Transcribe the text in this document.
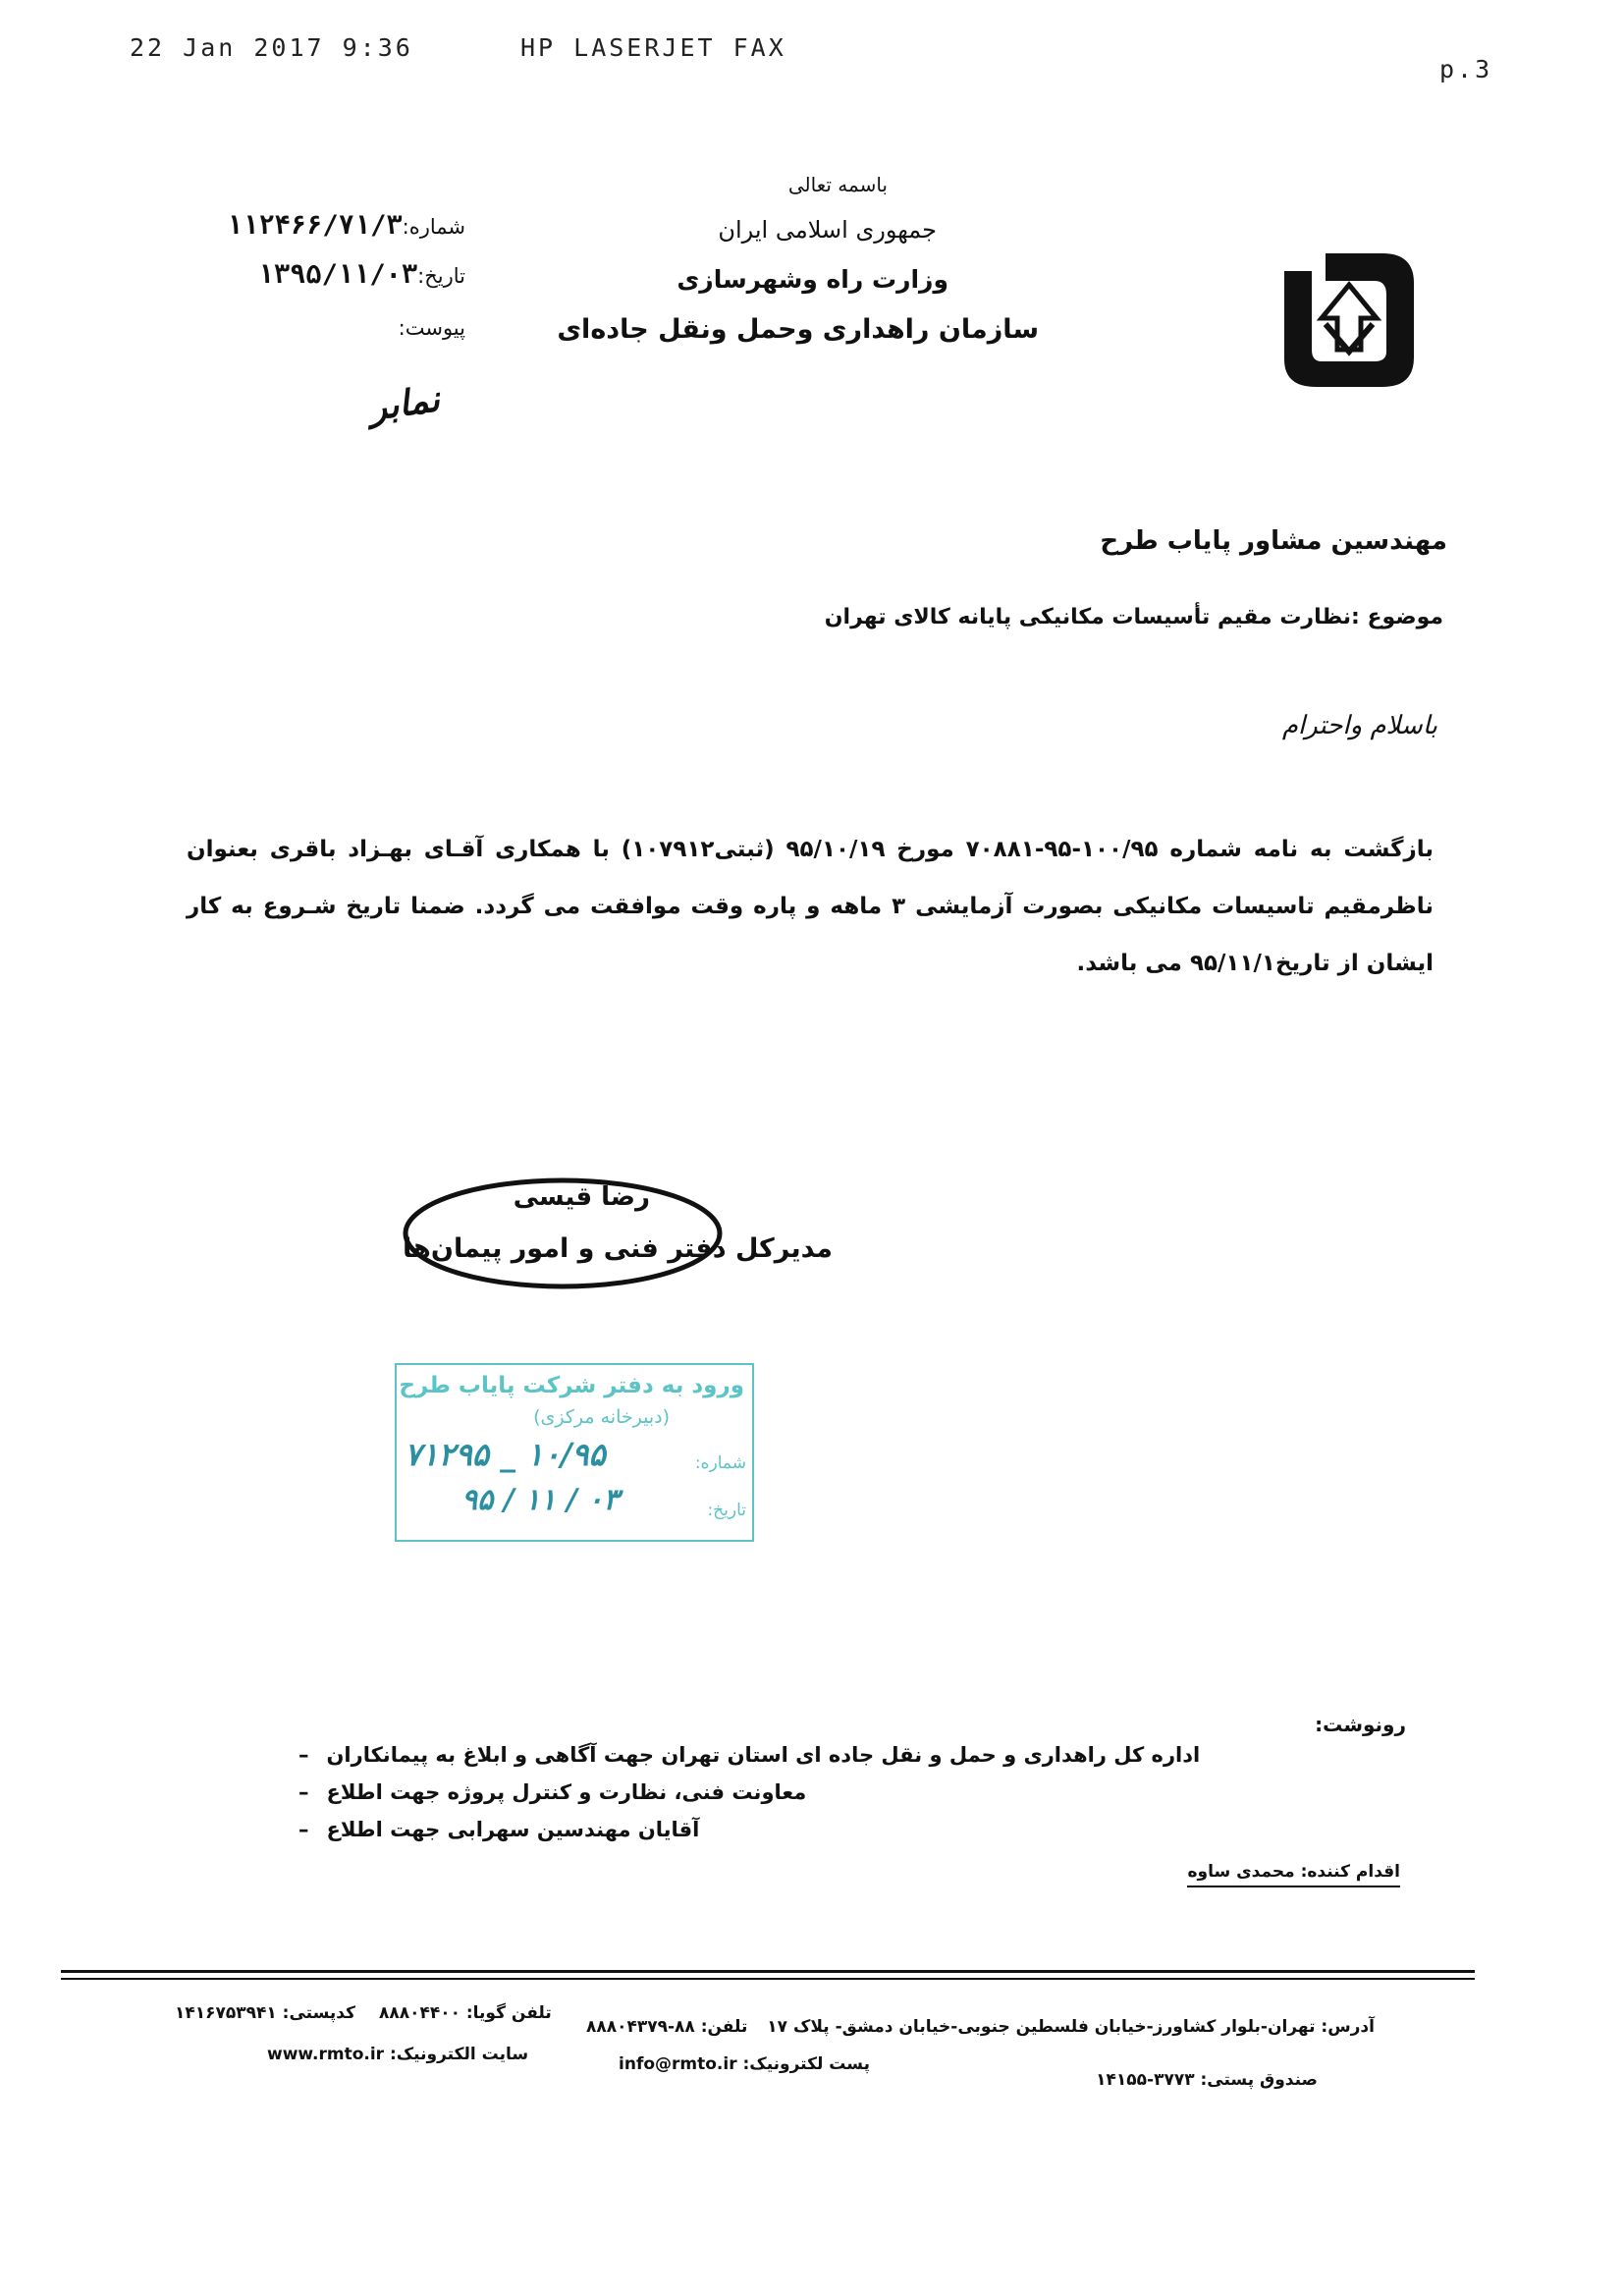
22 Jan 2017 9:36	HP LASERJET FAX
p.3
باسمه تعالی
جمهوری اسلامی ایران
وزارت راه وشهرسازی
سازمان راهداری وحمل ونقل جاده‌ای
شماره:۱۱۲۴۶۶/۷۱/۳
تاریخ:۱۳۹۵/۱۱/۰۳
پیوست:
نمابر
مهندسین مشاور پایاب طرح
موضوع :نظارت مقیم تأسیسات مکانیکی پایانه کالای تهران
باسلام واحترام
بازگشت به نامه شماره ۱۰۰/۹۵-۹۵-۷۰۸۸۱ مورخ ۹۵/۱۰/۱۹ (ثبتی۱۰۷۹۱۲) با همکاری آقـای بهـزاد باقری بعنوان ناظرمقیم تاسیسات مکانیکی بصورت آزمایشی ۳ ماهه و پاره وقت موافقت می گردد. ضمنا تاریخ شـروع به کار ایشان از تاریخ۹۵/۱۱/۱ می باشد.
رضا قیسی
مدیرکل دفتر فنی و امور پیمان‌ها
ورود به دفتر شرکت پایاب طرح
(دبیرخانه مرکزی)
شماره:
۷۱۲۹۵ _ ۱۰/۹۵
تاریخ:
۹۵ / ۱۱ / ۰۳
رونوشت:
– اداره کل راهداری و حمل و نقل جاده ای استان تهران جهت آگاهی و ابلاغ به پیمانکاران
– معاونت فنی، نظارت و کنترل پروژه جهت اطلاع
– آقایان مهندسین سهرابی جهت اطلاع
اقدام کننده: محمدی ساوه
آدرس: تهران-بلوار کشاورز-خیابان فلسطین جنوبی-خیابان دمشق- پلاک ۱۷ تلفن: ۸۸-۸۸۸۰۴۳۷۹
تلفن گویا: ۸۸۸۰۴۴۰۰ کدپستی: ۱۴۱۶۷۵۳۹۴۱
صندوق پستی: ۳۷۷۳-۱۴۱۵۵
پست لکترونیک: info@rmto.ir
سایت الکترونیک: www.rmto.ir
